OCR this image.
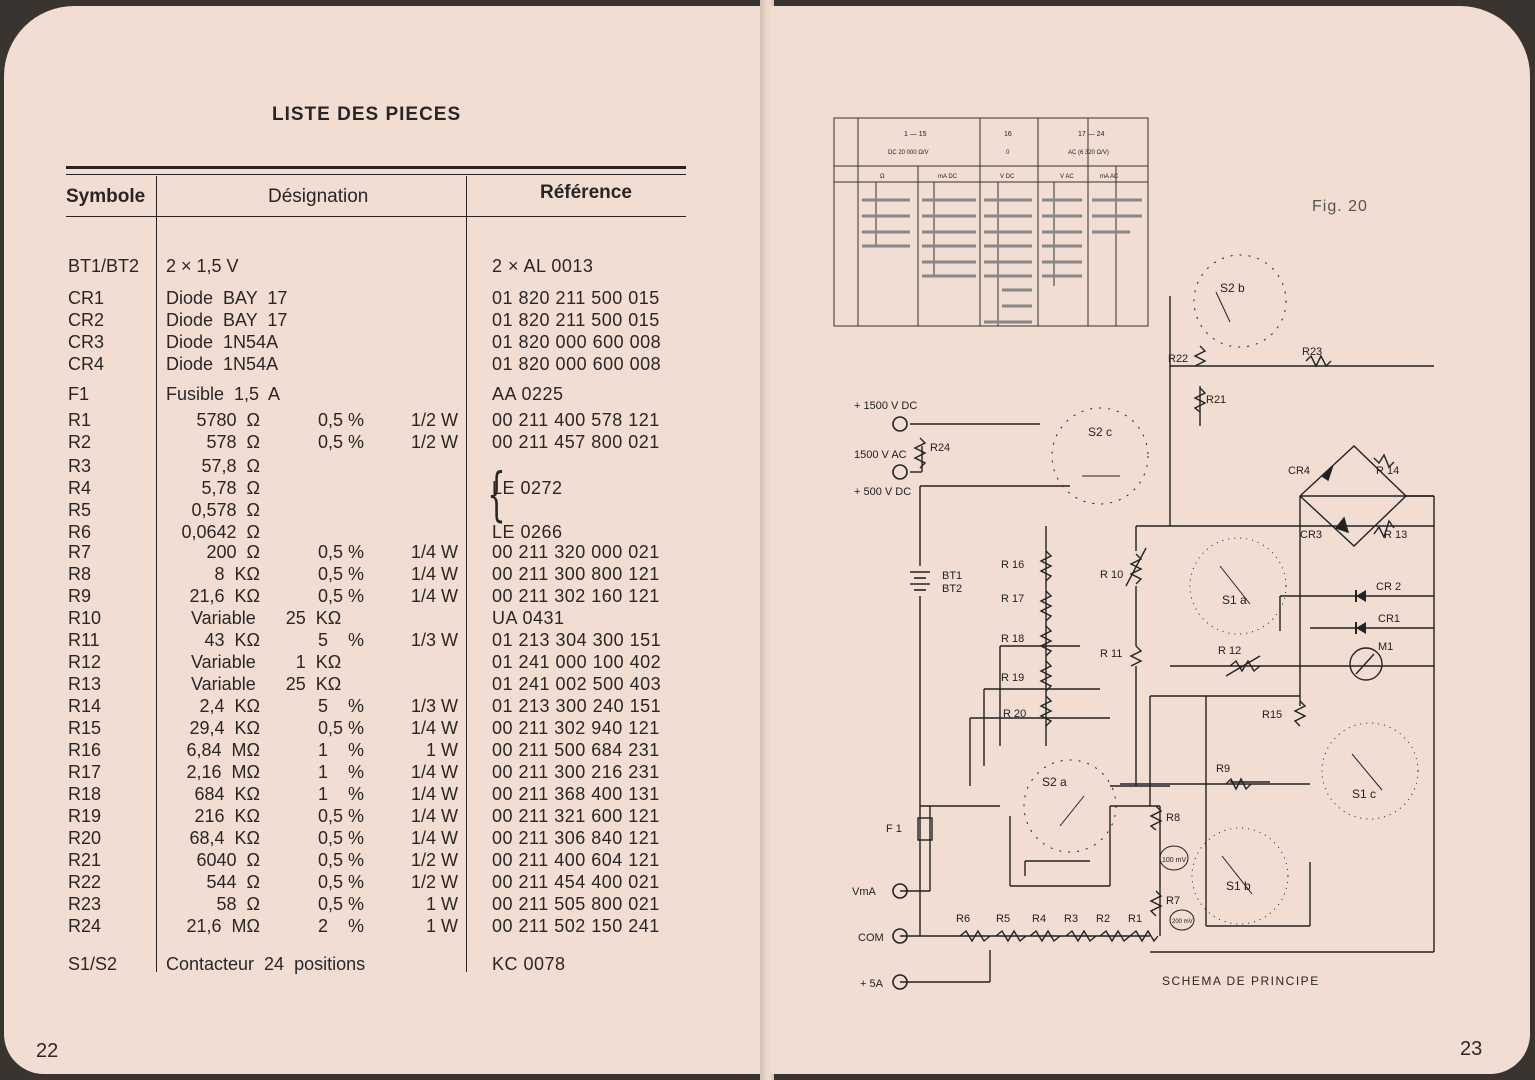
LISTE DES PIECES
Symbole	Désignation	Référence
BT1/BT2 2 × 1,5 V	2 × AL 0013
CR1	Diode  BAY  17	01 820 211 500 015
CR2	Diode  BAY  17	01 820 211 500 015
CR3	Diode  1N54A	01 820 000 600 008
CR4	Diode  1N54A	01 820 000 600 008
F1	Fusible  1,5  A	AA 0225
R1	5780  Ω	0,5 %	1/2 W 00 211 400 578 121
R2	578  Ω	0,5 %	1/2 W 00 211 457 800 021
R3	57,8  Ω
R4	5,78  Ω	LE 0272
R5	0,578  Ω
R6	0,0642  Ω	LE 0266
R7	200  Ω	0,5 %	1/4 W 00 211 320 000 021
R8	8  KΩ	0,5 %	1/4 W 00 211 300 800 121
R9	21,6  KΩ	0,5 %	1/4 W 00 211 302 160 121
R10	Variable      25  KΩ	UA 0431
R11	43  KΩ	5    %	1/3 W 01 213 304 300 151
R12	Variable        1  KΩ	01 241 000 100 402
R13	Variable      25  KΩ	01 241 002 500 403
R14	2,4  KΩ	5    %	1/3 W 01 213 300 240 151
R15	29,4  KΩ	0,5 %	1/4 W 00 211 302 940 121
R16	6,84  MΩ	1    %	1 W 00 211 500 684 231
R17	2,16  MΩ	1    %	1/4 W 00 211 300 216 231
R18	684  KΩ	1    %	1/4 W 00 211 368 400 131
R19	216  KΩ	0,5 %	1/4 W 00 211 321 600 121
R20	68,4  KΩ	0,5 %	1/4 W 00 211 306 840 121
R21	6040  Ω	0,5 %	1/2 W 00 211 400 604 121
R22	544  Ω	0,5 %	1/2 W 00 211 454 400 021
R23	58  Ω	0,5 %	1 W 00 211 505 800 021
R24	21,6  MΩ	2    %	1 W 00 211 502 150 241
S1/S2	Contacteur  24  positions	KC 0078
{
22
Fig. 20
SCHEMA DE PRINCIPE
23
1 — 15	16	17 — 24
DC 20 000 Ω/V	0	AC (6 320 Ω/V)
Ω	mA DC	V DC	V AC	mA AC
+ 1500 V DC
1500 V AC
+ 500 V DC
VmA
COM
+ 5A
F 1
BT1
BT2
S2 a
S2 b
S2 c
S1 a
S1 c
S1 b
M1
100 mV
200 mV
R 16
R 17
R 18
R 19
R 20
R 10
R 11
R24
R22
R21
R23
R 12
R15
R9
R8
R7
CR4
CR3
R 14
R 13
CR 2
CR1
R6 R5 R4 R3 R2 R1
